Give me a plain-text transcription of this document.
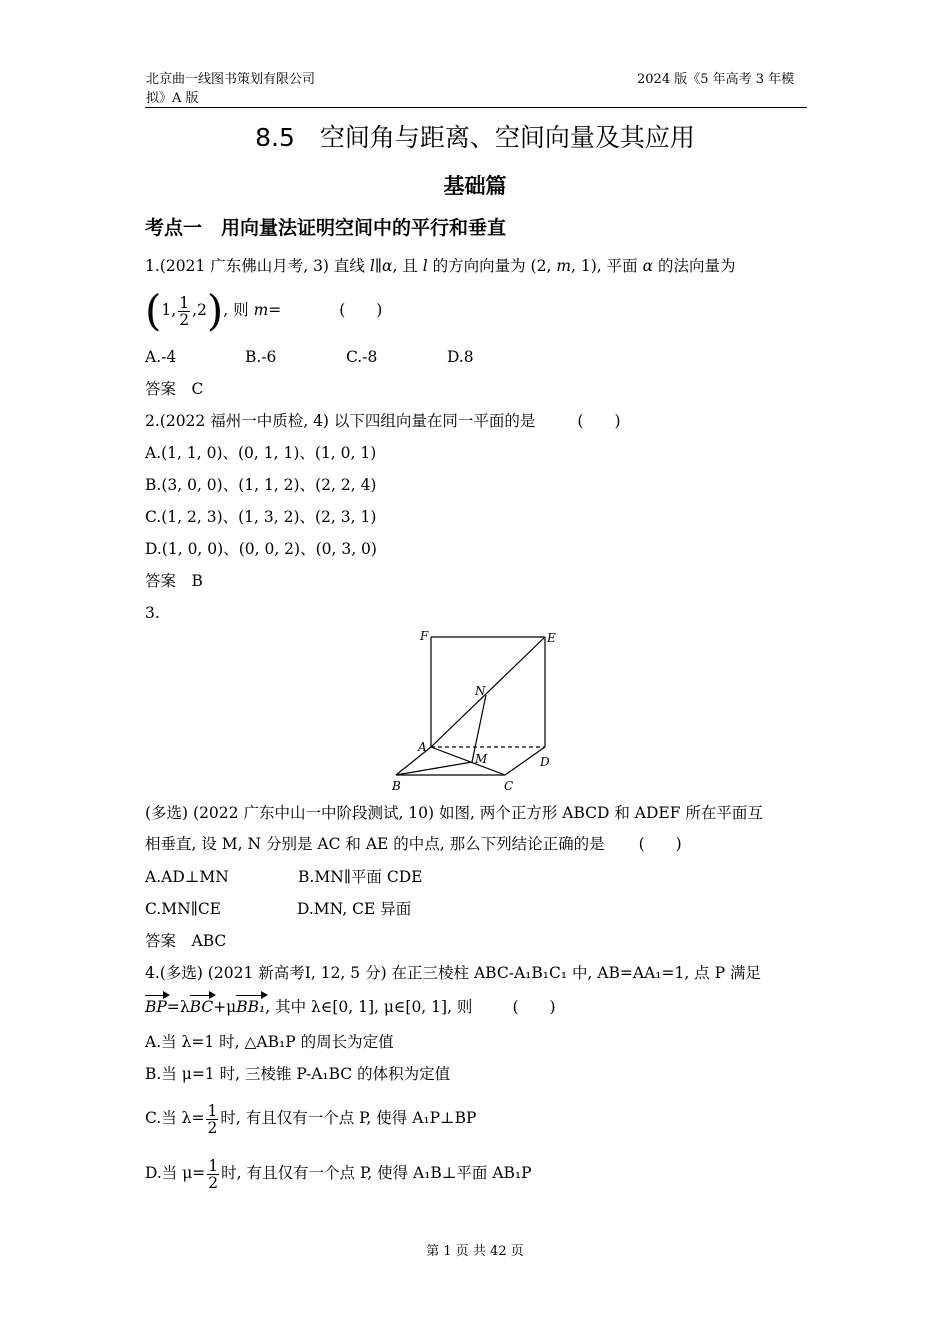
北京曲一线图书策划有限公司
拟》A 版
2024 版《5 年高考 3 年模
8.5　空间角与距离、空间向量及其应用
基础篇
考点一　用向量法证明空间中的平行和垂直
1.(2021 广东佛山月考, 3) 直线 l∥α, 且 l 的方向向量为 (2, m, 1), 平面 α 的法向量为
(1, $\frac{1}{2} ,2$), 则 m=	(　　)
A.-4	B.-6	C.-8	D.8
答案　C
2.(2022 福州一中质检, 4) 以下四组向量在同一平面的是	(　　)
A.(1, 1, 0)、(0, 1, 1)、(1, 0, 1)
B.(3, 0, 0)、(1, 1, 2)、(2, 2, 4)
C.(1, 2, 3)、(1, 3, 2)、(2, 3, 1)
D.(1, 0, 0)、(0, 0, 2)、(0, 3, 0)
答案　B
3.
F	E
N
A
M	D
B	C
(多选) (2022 广东中山一中阶段测试, 10) 如图, 两个正方形 ABCD 和 ADEF 所在平面互
相垂直, 设 M, N 分别是 AC 和 AE 的中点, 那么下列结论正确的是 (　　)
A.AD⊥MN	B.MN∥平面 CDE
C.MN∥CE	D.MN, CE 异面
答案　ABC
4.(多选) (2021 新高考Ⅰ, 12, 5 分) 在正三棱柱 ABC-A₁B₁C₁ 中, AB=AA₁=1, 点 P 满足
BP=λBC+μBB₁, 其中 λ∈[0, 1], μ∈[0, 1], 则	(　　)
A.当 λ=1 时, △AB₁P 的周长为定值
B.当 μ=1 时, 三棱锥 P-A₁BC 的体积为定值
C.当 $\lambda= \frac{1}{2}$ 时, 有且仅有一个点 P, 使得 A₁P⊥BP
D.当 $\mu= \frac{1}{2}$ 时, 有且仅有一个点 P, 使得 A₁B⊥平面 AB₁P
第 1 页 共 42 页
